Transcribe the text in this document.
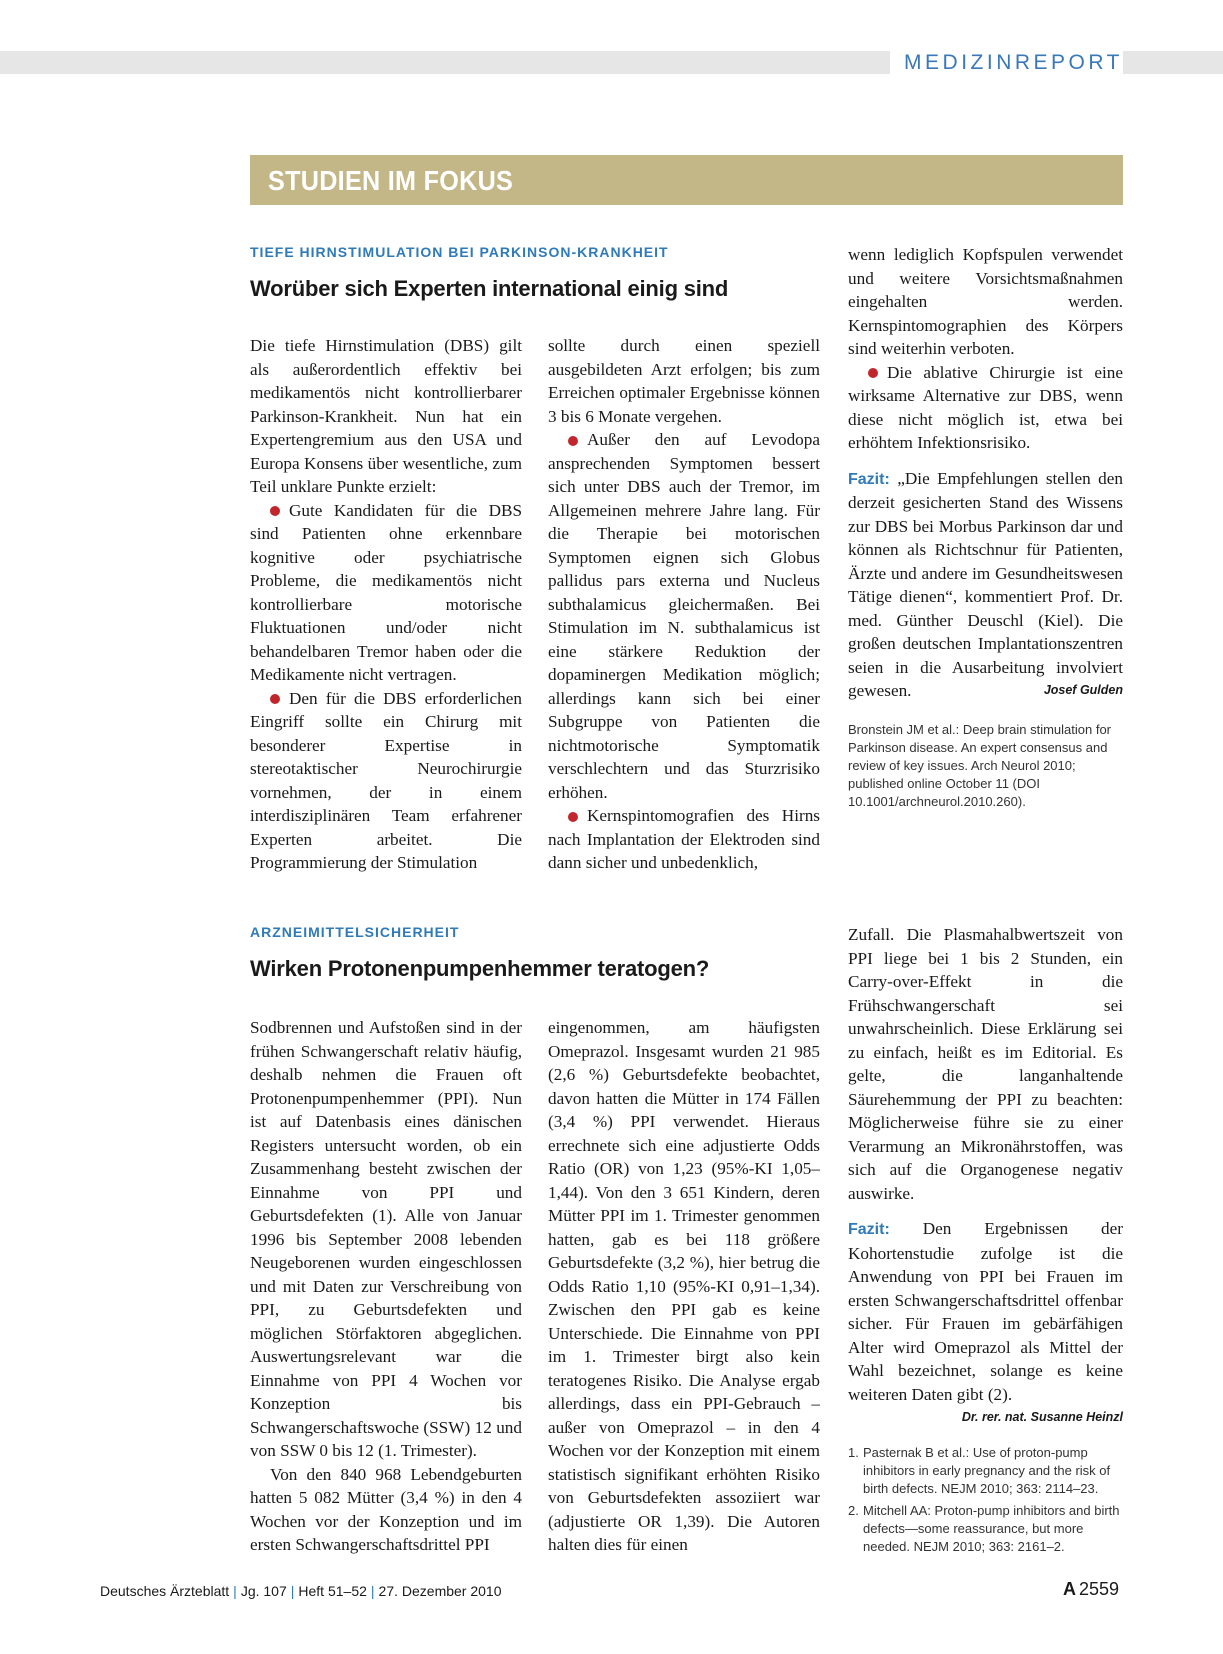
MEDIZINREPORT
STUDIEN IM FOKUS
TIEFE HIRNSTIMULATION BEI PARKINSON-KRANKHEIT
Worüber sich Experten international einig sind

Die tiefe Hirnstimulation (DBS) gilt als außerordentlich effektiv bei medikamentös nicht kontrollierbarer Parkinson-Krankheit. Nun hat ein Expertengremium aus den USA und Europa Konsens über wesentliche, zum Teil unklare Punkte erzielt:

Gute Kandidaten für die DBS sind Patienten ohne erkennbare kognitive oder psychiatrische Probleme, die medikamentös nicht kontrollierbare motorische Fluktuationen und/oder nicht behandelbaren Tremor haben oder die Medikamente nicht vertragen.

Den für die DBS erforderlichen Eingriff sollte ein Chirurg mit besonderer Expertise in stereotaktischer Neurochirurgie vornehmen, der in einem interdisziplinären Team erfahrener Experten arbeitet. Die Programmierung der Stimulation

sollte durch einen speziell ausgebildeten Arzt erfolgen; bis zum Erreichen optimaler Ergebnisse können 3 bis 6 Monate vergehen.

Außer den auf Levodopa ansprechenden Symptomen bessert sich unter DBS auch der Tremor, im Allgemeinen mehrere Jahre lang. Für die Therapie bei motorischen Symptomen eignen sich Globus pallidus pars externa und Nucleus subthalamicus gleichermaßen. Bei Stimulation im N. subthalamicus ist eine stärkere Reduktion der dopaminergen Medikation möglich; allerdings kann sich bei einer Subgruppe von Patienten die nichtmotorische Symptomatik verschlechtern und das Sturzrisiko erhöhen.

Kernspintomografien des Hirns nach Implantation der Elektroden sind dann sicher und unbedenklich,

wenn lediglich Kopfspulen verwendet und weitere Vorsichtsmaßnahmen eingehalten werden. Kernspintomographien des Körpers sind weiterhin verboten.

Die ablative Chirurgie ist eine wirksame Alternative zur DBS, wenn diese nicht möglich ist, etwa bei erhöhtem Infektionsrisiko.

Fazit: „Die Empfehlungen stellen den derzeit gesicherten Stand des Wissens zur DBS bei Morbus Parkinson dar und können als Richtschnur für Patienten, Ärzte und andere im Gesundheitswesen Tätige dienen“, kommentiert Prof. Dr. med. Günther Deuschl (Kiel). Die großen deutschen Implantationszentren seien in die Ausarbeitung involviert gewesen.	Josef Gulden

Bronstein JM et al.: Deep brain stimulation for Parkinson disease. An expert consensus and review of key issues. Arch Neurol 2010; published online October 11 (DOI 10.1001/archneurol.2010.260).
ARZNEIMITTELSICHERHEIT
Wirken Protonenpumpenhemmer teratogen?

Sodbrennen und Aufstoßen sind in der frühen Schwangerschaft relativ häufig, deshalb nehmen die Frauen oft Protonenpumpenhemmer (PPI). Nun ist auf Datenbasis eines dänischen Registers untersucht worden, ob ein Zusammenhang besteht zwischen der Einnahme von PPI und Geburtsdefekten (1). Alle von Januar 1996 bis September 2008 lebenden Neugeborenen wurden eingeschlossen und mit Daten zur Verschreibung von PPI, zu Geburtsdefekten und möglichen Störfaktoren abgeglichen. Auswertungsrelevant war die Einnahme von PPI 4 Wochen vor Konzeption bis Schwangerschaftswoche (SSW) 12 und von SSW 0 bis 12 (1. Trimester).

Von den 840 968 Lebendgeburten hatten 5 082 Mütter (3,4 %) in den 4 Wochen vor der Konzeption und im ersten Schwangerschaftsdrittel PPI

eingenommen, am häufigsten Omeprazol. Insgesamt wurden 21 985 (2,6 %) Geburtsdefekte beobachtet, davon hatten die Mütter in 174 Fällen (3,4 %) PPI verwendet. Hieraus errechnete sich eine adjustierte Odds Ratio (OR) von 1,23 (95%-KI 1,05–1,44). Von den 3 651 Kindern, deren Mütter PPI im 1. Trimester genommen hatten, gab es bei 118 größere Geburtsdefekte (3,2 %), hier betrug die Odds Ratio 1,10 (95%-KI 0,91–1,34). Zwischen den PPI gab es keine Unterschiede. Die Einnahme von PPI im 1. Trimester birgt also kein teratogenes Risiko. Die Analyse ergab allerdings, dass ein PPI-Gebrauch – außer von Omeprazol – in den 4 Wochen vor der Konzeption mit einem statistisch signifikant erhöhten Risiko von Geburtsdefekten assoziiert war (adjustierte OR 1,39). Die Autoren halten dies für einen

Zufall. Die Plasmahalbwertszeit von PPI liege bei 1 bis 2 Stunden, ein Carry-over-Effekt in die Frühschwangerschaft sei unwahrscheinlich. Diese Erklärung sei zu einfach, heißt es im Editorial. Es gelte, die langanhaltende Säurehemmung der PPI zu beachten: Möglicherweise führe sie zu einer Verarmung an Mikronährstoffen, was sich auf die Organogenese negativ auswirke.

Fazit: Den Ergebnissen der Kohortenstudie zufolge ist die Anwendung von PPI bei Frauen im ersten Schwangerschaftsdrittel offenbar sicher. Für Frauen im gebärfähigen Alter wird Omeprazol als Mittel der Wahl bezeichnet, solange es keine weiteren Daten gibt (2).

Dr. rer. nat. Susanne Heinzl
1. Pasternak B et al.: Use of proton-pump inhibitors in early pregnancy and the risk of birth defects. NEJM 2010; 363: 2114–23.
2. Mitchell AA: Proton-pump inhibitors and birth defects—some reassurance, but more needed. NEJM 2010; 363: 2161–2.
Deutsches Ärzteblatt | Jg. 107 | Heft 51–52 | 27. Dezember 2010	A 2559
